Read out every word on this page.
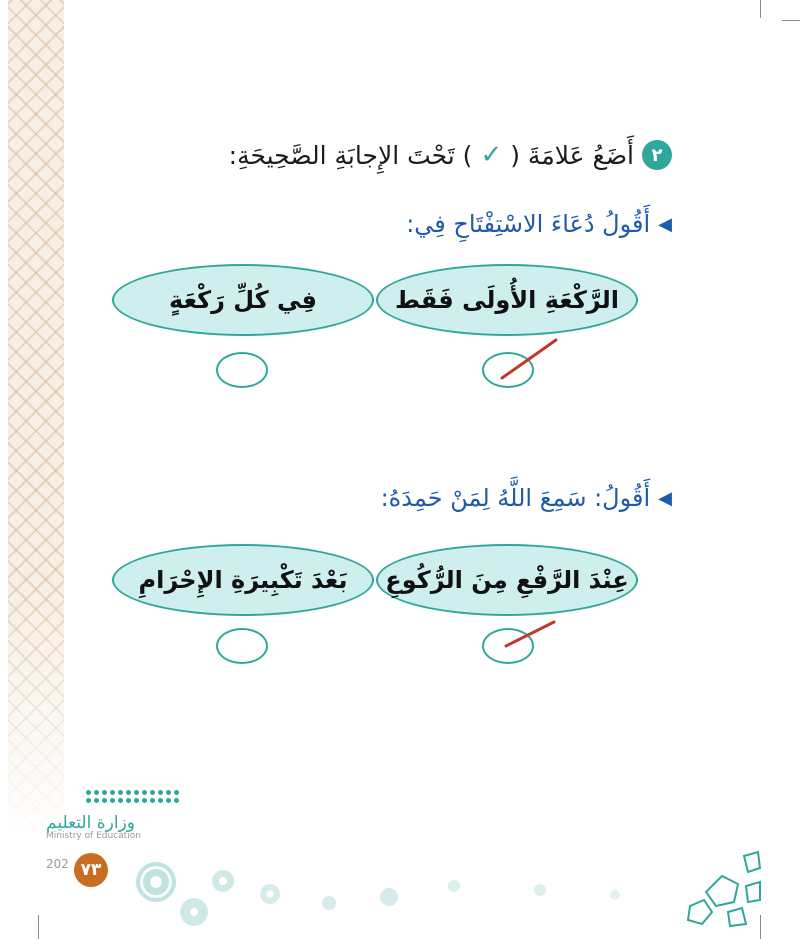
٢
أَضَعُ عَلامَةَ (
✓
) تَحْتَ الإِجابَةِ الصَّحِيحَةِ:
◀
أَقُولُ دُعَاءَ الاسْتِفْتَاحِ فِي:
الرَّكْعَةِ الأُولَى فَقَط
فِي كُلِّ رَكْعَةٍ
◀
أَقُولُ: سَمِعَ اللَّهُ لِمَنْ حَمِدَهُ:
عِنْدَ الرَّفْعِ مِنَ الرُّكُوعِ
بَعْدَ تَكْبِيرَةِ الإِحْرَامِ
وزارة التعليم
Ministry of Education
202 ٧٣
